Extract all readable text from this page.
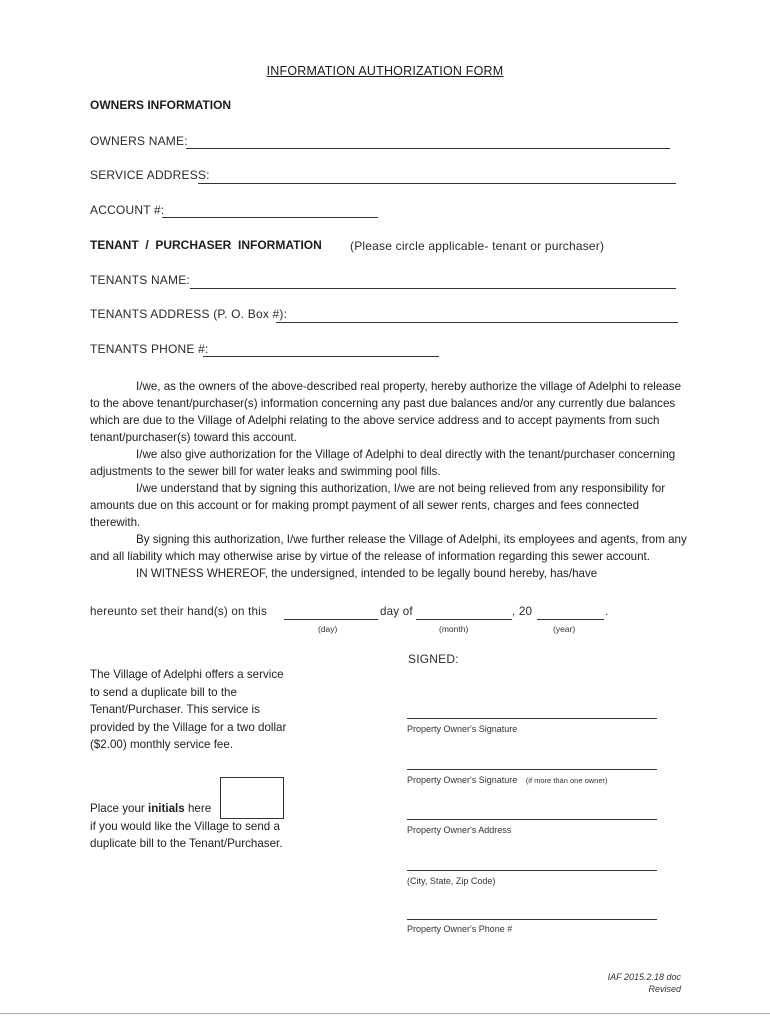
INFORMATION AUTHORIZATION FORM
OWNERS INFORMATION
OWNERS NAME:
SERVICE ADDRESS:
ACCOUNT #:
TENANT  /  PURCHASER  INFORMATION (Please circle applicable- tenant or purchaser)
TENANTS NAME:
TENANTS ADDRESS (P. O. Box #):
TENANTS PHONE #:

I/we, as the owners of the above-described real property, hereby authorize the village of Adelphi to release to the above tenant/purchaser(s) information concerning any past due balances and/or any currently due balances which are due to the Village of Adelphi relating to the above service address and to accept payments from such tenant/purchaser(s) toward this account.

I/we also give authorization for the Village of Adelphi to deal directly with the tenant/purchaser concerning adjustments to the sewer bill for water leaks and swimming pool fills.

I/we understand that by signing this authorization, I/we are not being relieved from any responsibility for amounts due on this account or for making prompt payment of all sewer rents, charges and fees connected therewith.

By signing this authorization, I/we further release the Village of Adelphi, its employees and agents, from any and all liability which may otherwise arise by virtue of the release of information regarding this sewer account.

IN WITNESS WHEREOF, the undersigned, intended to be legally bound hereby, has/have

hereunto set their hand(s) on this	day of	, 20	.
(day)	(month)	(year)
SIGNED:
The Village of Adelphi offers a service to send a duplicate bill to the Tenant/Purchaser. This service is provided by the Village for a two dollar ($2.00) monthly service fee.
Place your initials here
if you would like the Village to send a duplicate bill to the Tenant/Purchaser.
Property Owner's Signature
Property Owner's Signature (if more than one owner)
Property Owner's Address
(City, State, Zip Code)
Property Owner's Phone #
IAF 2015.2.18 doc
Revised
